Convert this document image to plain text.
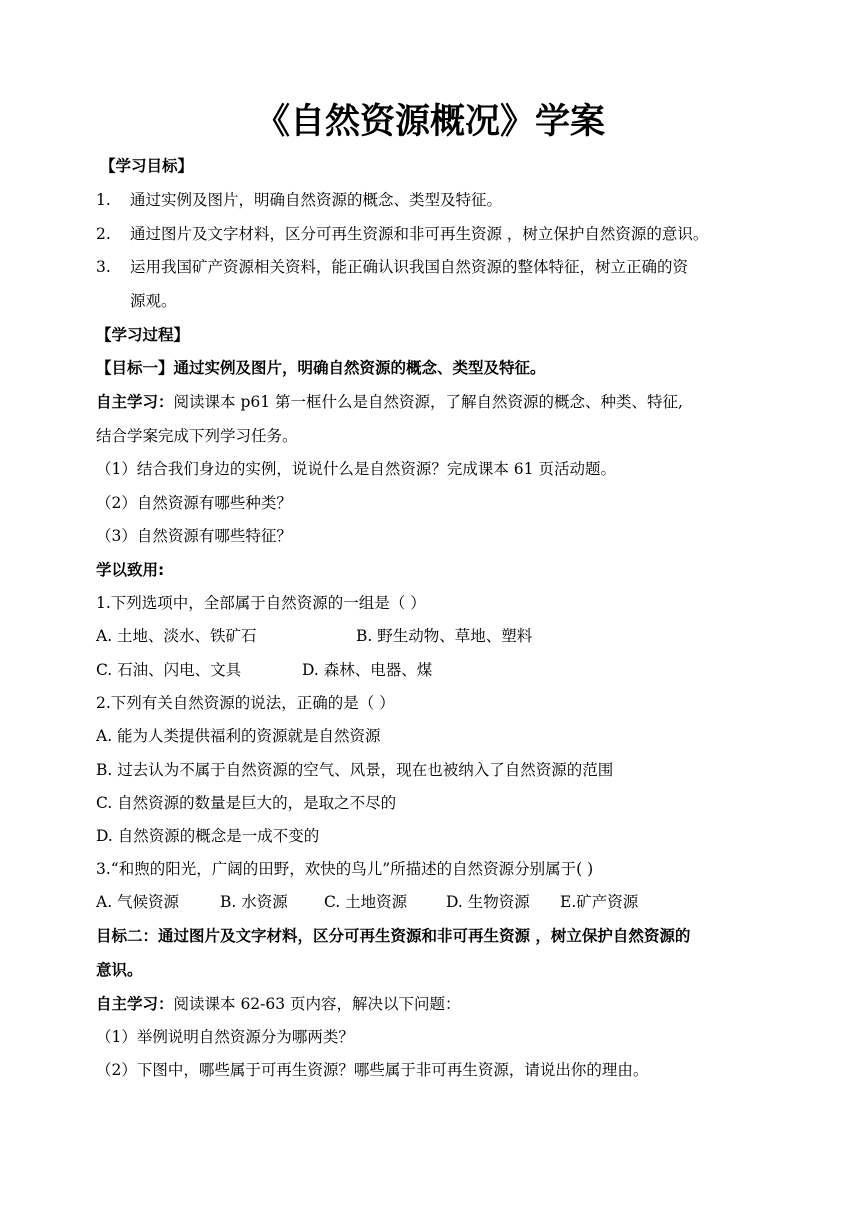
《自然资源概况》学案
【学习目标】
1. 通过实例及图片，明确自然资源的概念、类型及特征。
2. 通过图片及文字材料，区分可再生资源和非可再生资源 ，树立保护自然资源的意识。
3. 运用我国矿产资源相关资料，能正确认识我国自然资源的整体特征，树立正确的资
源观。
【学习过程】
【目标一】通过实例及图片，明确自然资源的概念、类型及特征。
自主学习：阅读课本 p61 第一框什么是自然资源，了解自然资源的概念、种类、特征,
结合学案完成下列学习任务。
（1）结合我们身边的实例，说说什么是自然资源？完成课本 61 页活动题。
（2）自然资源有哪些种类？
（3）自然资源有哪些特征？
学以致用:
1.下列选项中，全部属于自然资源的一组是（ ）
A. 土地、淡水、铁矿石	B. 野生动物、草地、塑料
C. 石油、闪电、文具	D. 森林、电器、煤
2.下列有关自然资源的说法，正确的是（ ）
A. 能为人类提供福利的资源就是自然资源
B. 过去认为不属于自然资源的空气、风景，现在也被纳入了自然资源的范围
C. 自然资源的数量是巨大的，是取之不尽的
D. 自然资源的概念是一成不变的
3.“和煦的阳光，广阔的田野，欢快的鸟儿”所描述的自然资源分别属于( )
A. 气候资源	B. 水资源 C. 土地资源	D. 生物资源 E.矿产资源
目标二：通过图片及文字材料，区分可再生资源和非可再生资源 ，树立保护自然资源的
意识。
自主学习：阅读课本 62-63 页内容，解决以下问题：
（1）举例说明自然资源分为哪两类？
（2）下图中，哪些属于可再生资源？哪些属于非可再生资源，请说出你的理由。
